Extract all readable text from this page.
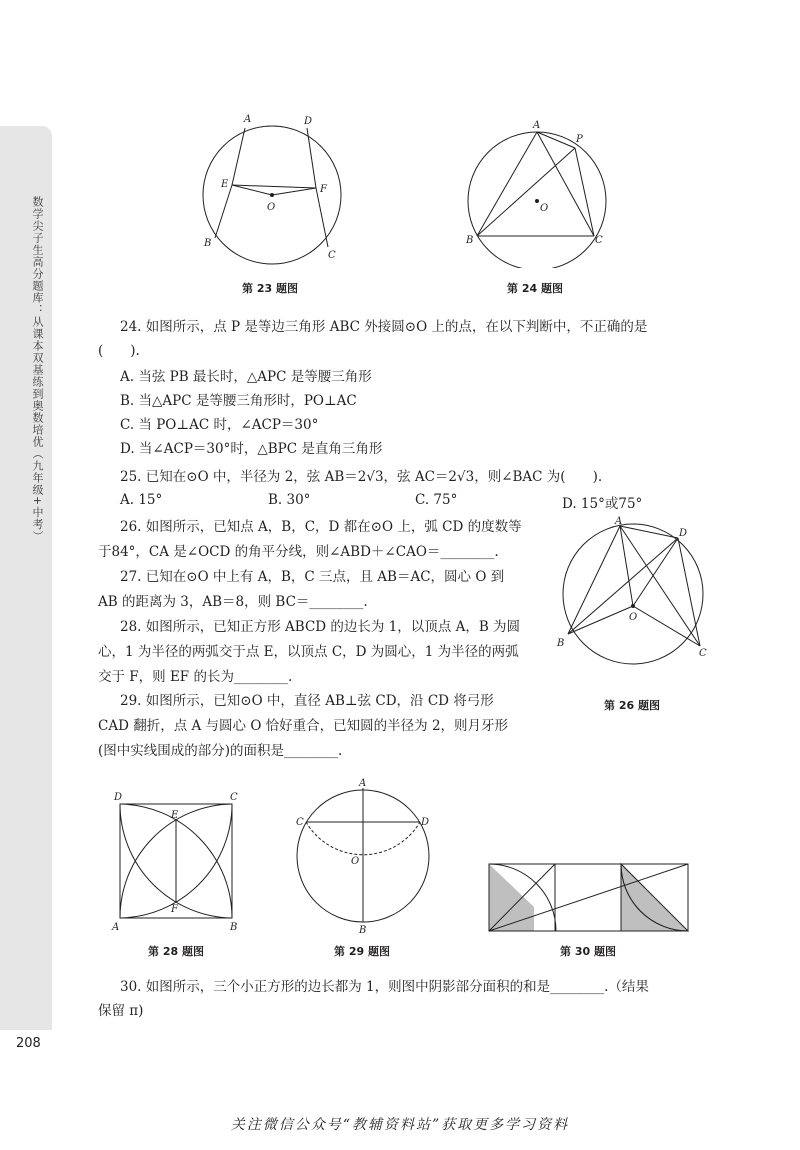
数学尖子生高分题库：从课本双基练到奥数培优（九年级+中考）
208
A	D
E	F
O
B
C
第 23 题图
A
P
O
B	C
第 24 题图
24. 如图所示，点 P 是等边三角形 ABC 外接圆⊙O 上的点，在以下判断中，不正确的是
(　　).
A. 当弦 PB 最长时，△APC 是等腰三角形
B. 当△APC 是等腰三角形时，PO⊥AC
C. 当 PO⊥AC 时，∠ACP＝30°
D. 当∠ACP＝30°时，△BPC 是直角三角形
25. 已知在⊙O 中，半径为 2，弦 AB＝2√3，弦 AC＝2√3，则∠BAC 为(　　).
A. 15°	B. 30°	C. 75°	D. 15°或75°
26. 如图所示，已知点 A，B，C，D 都在⊙O 上，弧 CD 的度数等
于84°，CA 是∠OCD 的角平分线，则∠ABD＋∠CAO＝________.
27. 已知在⊙O 中上有 A，B，C 三点，且 AB＝AC，圆心 O 到
AB 的距离为 3，AB＝8，则 BC＝________.
28. 如图所示，已知正方形 ABCD 的边长为 1，以顶点 A，B 为圆
心，1 为半径的两弧交于点 E，以顶点 C，D 为圆心，1 为半径的两弧
交于 F，则 EF 的长为________.
29. 如图所示，已知⊙O 中，直径 AB⊥弦 CD，沿 CD 将弓形
CAD 翻折，点 A 与圆心 O 恰好重合，已知圆的半径为 2，则月牙形
(图中实线围成的部分)的面积是________.
A
D
O
B
C
第 26 题图
D	C
E
F
A	B
第 28 题图
A
C	D
O
B
第 29 题图	第 30 题图
30. 如图所示，三个小正方形的边长都为 1，则图中阴影部分面积的和是________.（结果
保留 π)
关注微信公众号“教辅资料站”获取更多学习资料
